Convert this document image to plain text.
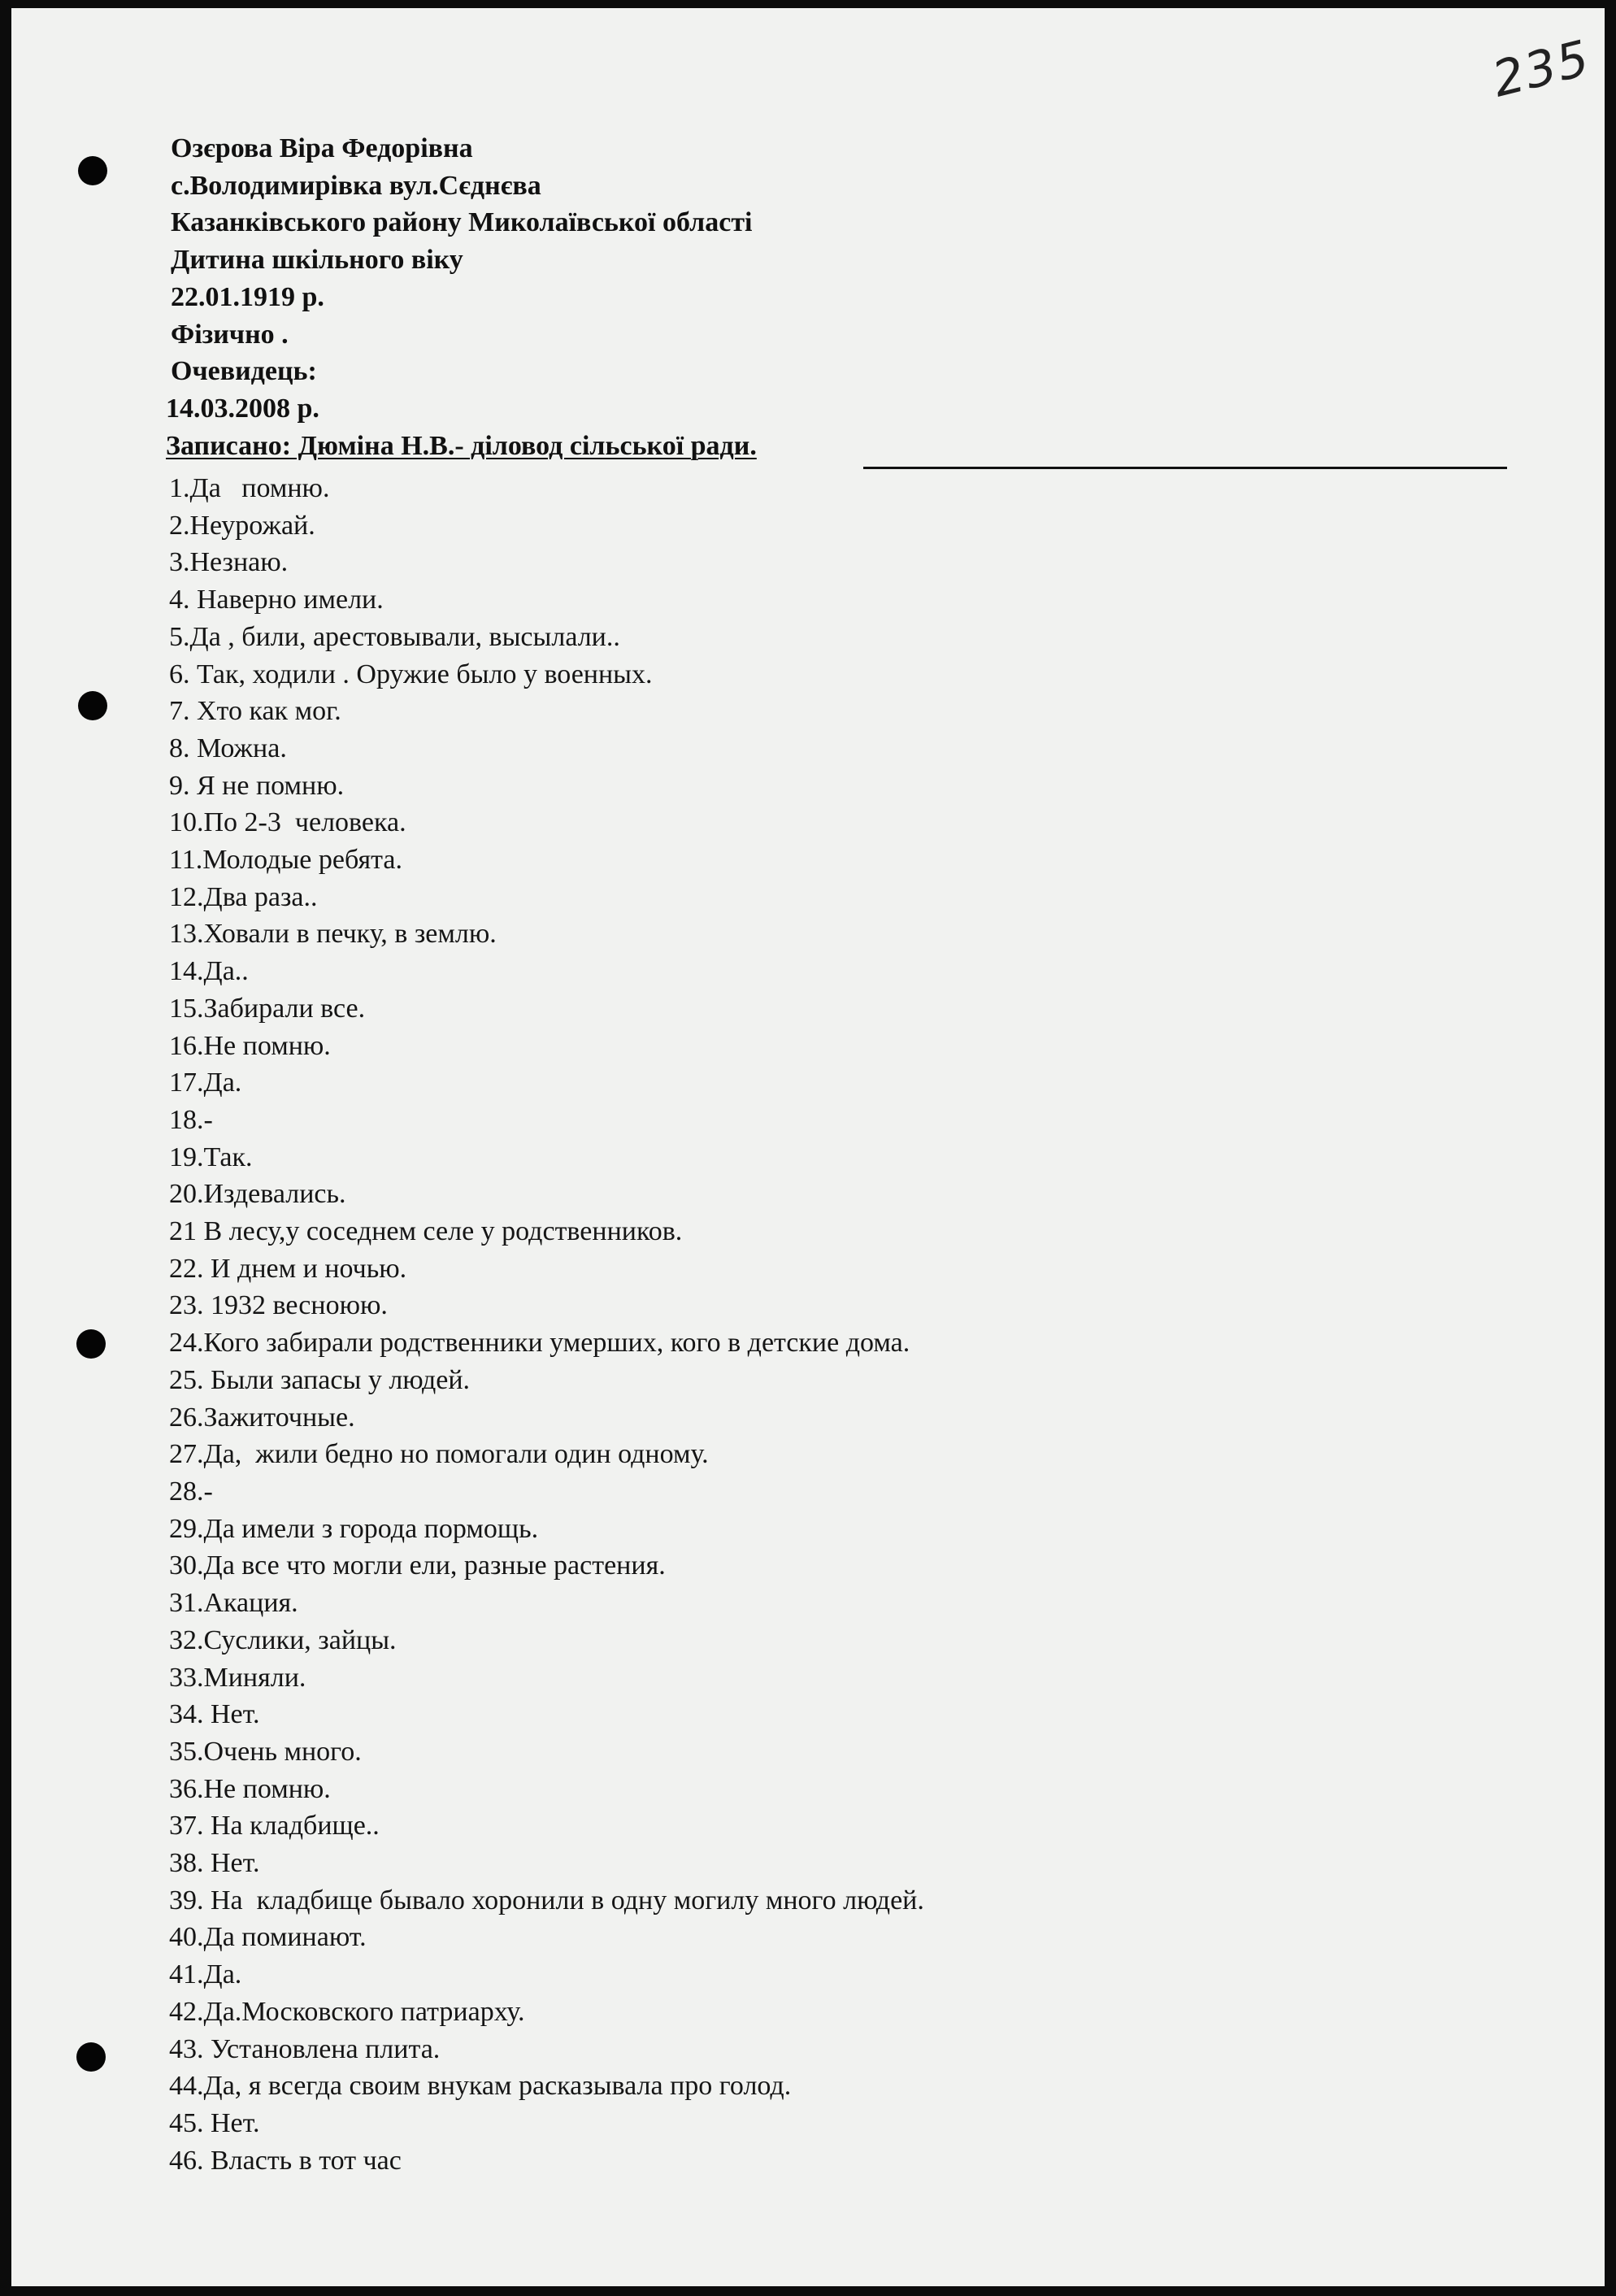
235
Озєрова Віра Федорівна
с.Володимирівка вул.Сєднєва
Казанківського району Миколаївської області
Дитина шкільного віку
22.01.1919 р.
Фізично .
Очевидець:
14.03.2008 р.
Записано: Дюміна Н.В.- діловод сільської ради.
1.Да   помню.
2.Неурожай.
3.Незнаю.
4. Наверно имели.
5.Да , били, арестовывали, высылали..
6. Так, ходили . Оружие было у военных.
7. Хто как мог.
8. Можна.
9. Я не помню.
10.По 2-3  человека.
11.Молодые ребята.
12.Два раза..
13.Ховали в печку, в землю.
14.Да..
15.Забирали все.
16.Не помню.
17.Да.
18.-
19.Так.
20.Издевались.
21 В лесу,у соседнем селе у родственников.
22. И днем и ночью.
23. 1932 весноюю.
24.Кого забирали родственники умерших, кого в детские дома.
25. Были запасы у людей.
26.Зажиточные.
27.Да,  жили бедно но помогали один одному.
28.-
29.Да имели з города пормощь.
30.Да все что могли ели, разные растения.
31.Акация.
32.Суслики, зайцы.
33.Миняли.
34. Нет.
35.Очень много.
36.Не помню.
37. На кладбище..
38. Нет.
39. На  кладбище бывало хоронили в одну могилу много людей.
40.Да поминают.
41.Да.
42.Да.Московского патриарху.
43. Установлена плита.
44.Да, я всегда своим внукам расказывала про голод.
45. Нет.
46. Власть в тот час
